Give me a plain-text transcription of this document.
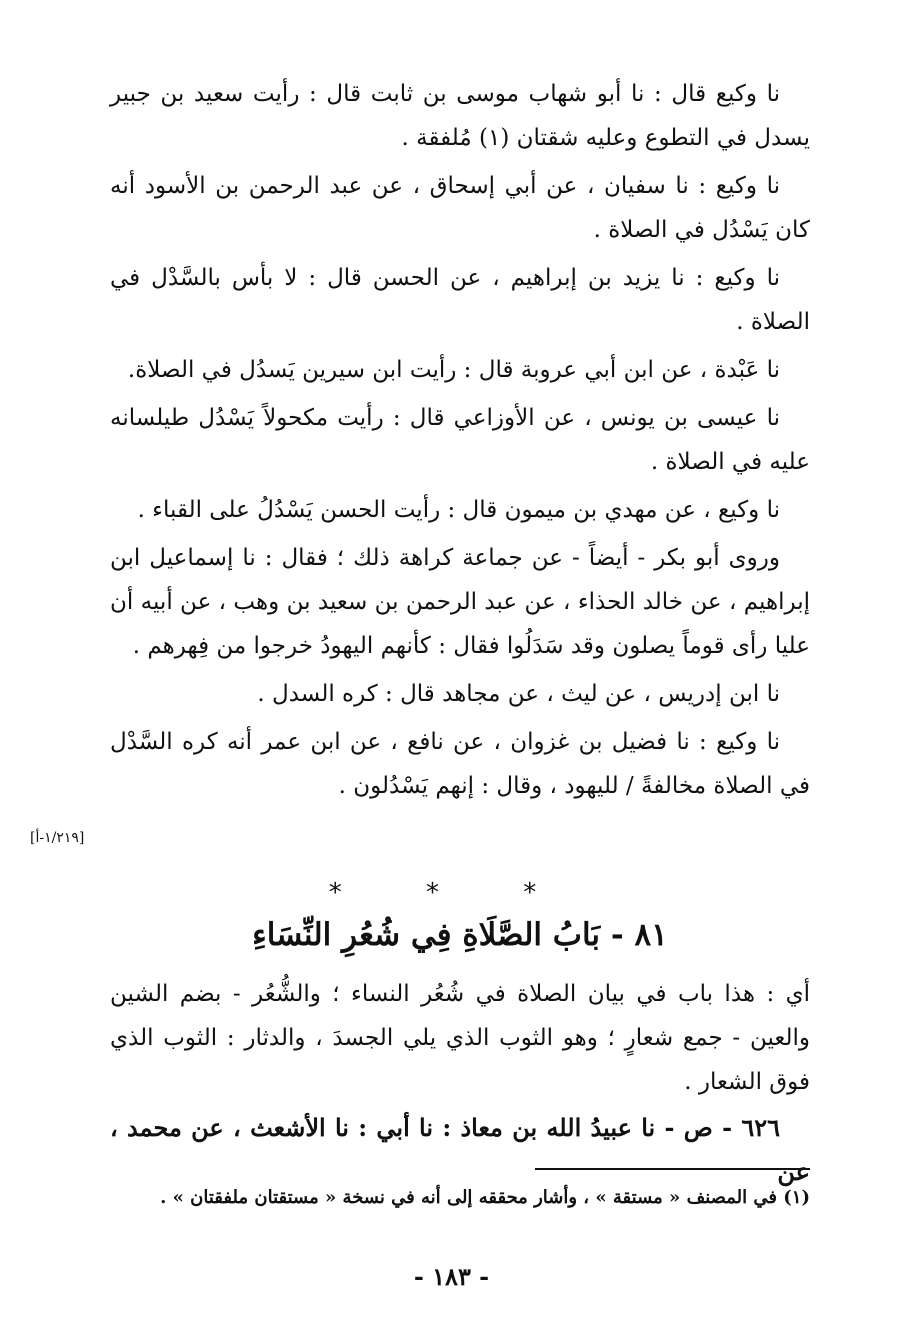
نا وكيع قال : نا أبو شهاب موسى بن ثابت قال : رأيت سعيد بن جبير يسدل في التطوع وعليه شقتان (١) مُلفقة .

نا وكيع : نا سفيان ، عن أبي إسحاق ، عن عبد الرحمن بن الأسود أنه كان يَسْدُل في الصلاة .

نا وكيع : نا يزيد بن إبراهيم ، عن الحسن قال : لا بأس بالسَّدْل في الصلاة .

نا عَبْدة ، عن ابن أبي عروبة قال : رأيت ابن سيرين يَسدُل في الصلاة.

نا عيسى بن يونس ، عن الأوزاعي قال : رأيت مكحولاً يَسْدُل طيلسانه عليه في الصلاة .

نا وكيع ، عن مهدي بن ميمون قال : رأيت الحسن يَسْدُلُ على القباء .

وروى أبو بكر - أيضاً - عن جماعة كراهة ذلك ؛ فقال : نا إسماعيل ابن إبراهيم ، عن خالد الحذاء ، عن عبد الرحمن بن سعيد بن وهب ، عن أبيه أن عليا رأى قوماً يصلون وقد سَدَلُوا فقال : كأنهم اليهودُ خرجوا من فِهرهم .

نا ابن إدريس ، عن ليث ، عن مجاهد قال : كره السدل .

نا وكيع : نا فضيل بن غزوان ، عن نافع ، عن ابن عمر أنه كره السَّدْل في الصلاة مخالفةً / لليهود ، وقال : إنهم يَسْدُلون .

[١/٢١٩-أ]
* * *
٨١ - بَابُ الصَّلَاةِ فِي شُعُرِ النِّسَاءِ
أي : هذا باب في بيان الصلاة في شُعُر النساء ؛ والشُّعُر - بضم الشين والعين - جمع شعارٍ ؛ وهو الثوب الذي يلي الجسدَ ، والدثار : الثوب الذي فوق الشعار .
٦٢٦ - ص - نا عبيدُ الله بن معاذ : نا أبي : نا الأشعث ، عن محمد ، عن
(١) في المصنف « مستقة » ، وأشار محققه إلى أنه في نسخة « مستقتان ملفقتان » .
- ١٨٣ -
